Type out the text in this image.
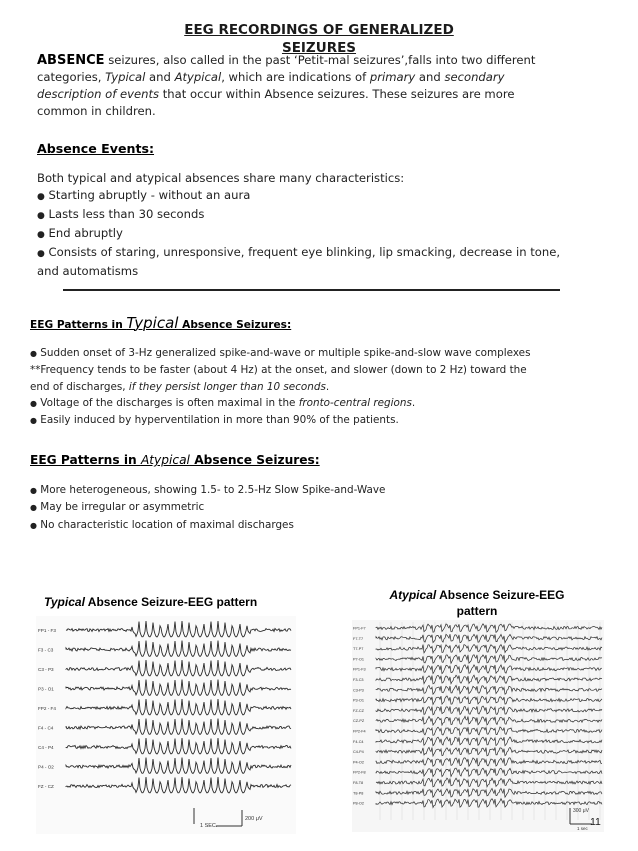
EEG RECORDINGS OF GENERALIZED
SEIZURES
ABSENCE seizures, also called in the past ‘Petit-mal seizures’,falls into two different
categories, Typical and Atypical, which are indications of primary and secondary
description of events that occur within Absence seizures. These seizures are more
common in children.
Absence Events:
Both typical and atypical absences share many characteristics:
● Starting abruptly - without an aura
● Lasts less than 30 seconds
● End abruptly
● Consists of staring, unresponsive, frequent eye blinking, lip smacking, decrease in tone,
and automatisms
EEG Patterns in Typical Absence Seizures:
● Sudden onset of 3-Hz generalized spike-and-wave or multiple spike-and-slow wave complexes
**Frequency tends to be faster (about 4 Hz) at the onset, and slower (down to 2 Hz) toward the
end of discharges, if they persist longer than 10 seconds.
● Voltage of the discharges is often maximal in the fronto-central regions.
● Easily induced by hyperventilation in more than 90% of the patients.
EEG Patterns in Atypical Absence Seizures:
● More heterogeneous, showing 1.5- to 2.5-Hz Slow Spike-and-Wave
● May be irregular or asymmetric
● No characteristic location of maximal discharges
Typical Absence Seizure-EEG pattern	Atypical Absence Seizure-EEG
pattern
FP1 - F3
F3 - C3
C3 - P3
P3 - O1
FP2 - F4
F4 - C4
C4 - P4
P4 - O2
FZ - CZ
1 SEC.
200 μV
FP1-F7
F7-T7
T7-P7
P7-O1
FP1-F3
F3-C3
C3-P3
P3-O1
FZ-CZ
CZ-PZ
FP2-F4
F4-C4
C4-P4
P4-O2
FP2-F8
F8-T8
T8-P8
P8-O2
300 μV
1 sec
11
